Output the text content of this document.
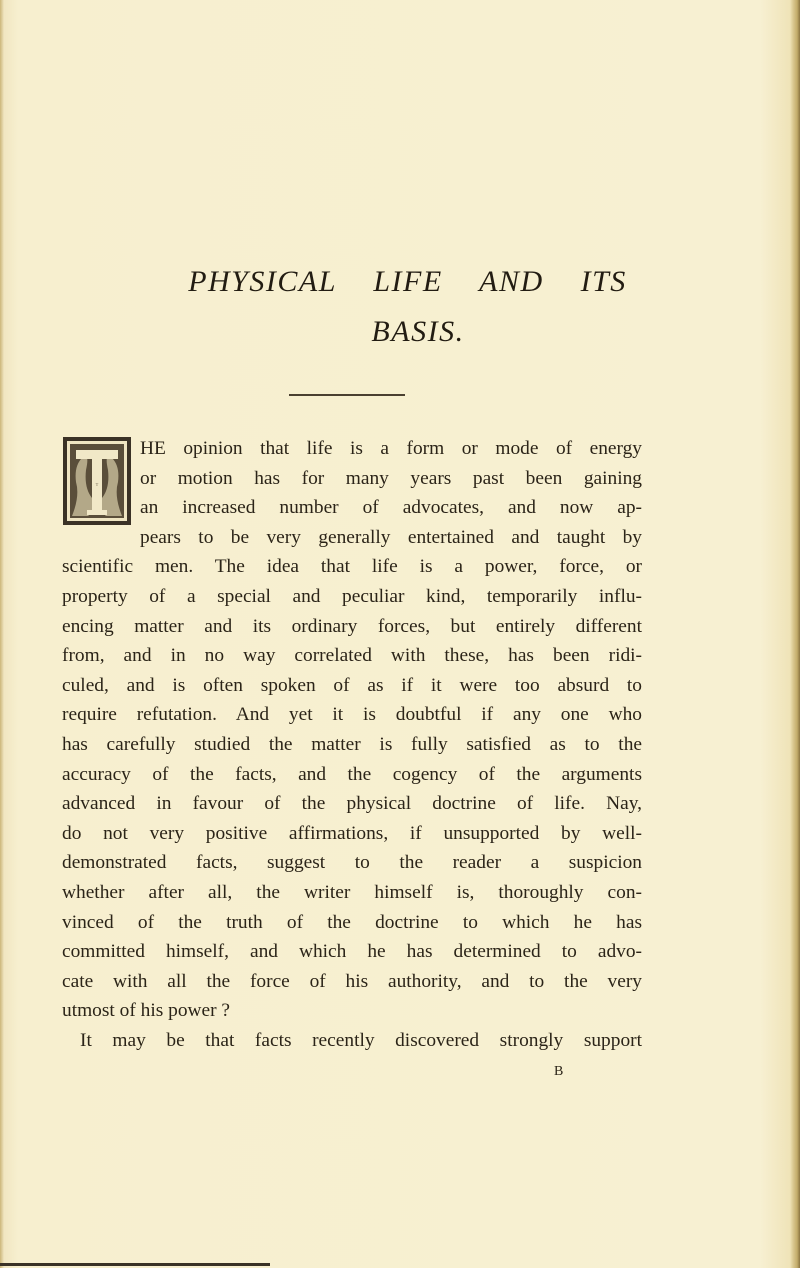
PHYSICAL LIFE AND ITS
BASIS.
T
HE opinion that life is a form or mode of energy
or motion has for many years past been gaining
an increased number of advocates, and now ap-
pears to be very generally entertained and taught by
scientific men. The idea that life is a power, force, or
property of a special and peculiar kind, temporarily influ-
encing matter and its ordinary forces, but entirely different
from, and in no way correlated with these, has been ridi-
culed, and is often spoken of as if it were too absurd to
require refutation. And yet it is doubtful if any one who
has carefully studied the matter is fully satisfied as to the
accuracy of the facts, and the cogency of the arguments
advanced in favour of the physical doctrine of life. Nay,
do not very positive affirmations, if unsupported by well-
demonstrated facts, suggest to the reader a suspicion
whether after all, the writer himself is, thoroughly con-
vinced of the truth of the doctrine to which he has
committed himself, and which he has determined to advo-
cate with all the force of his authority, and to the very
utmost of his power ?
It may be that facts recently discovered strongly support
B
